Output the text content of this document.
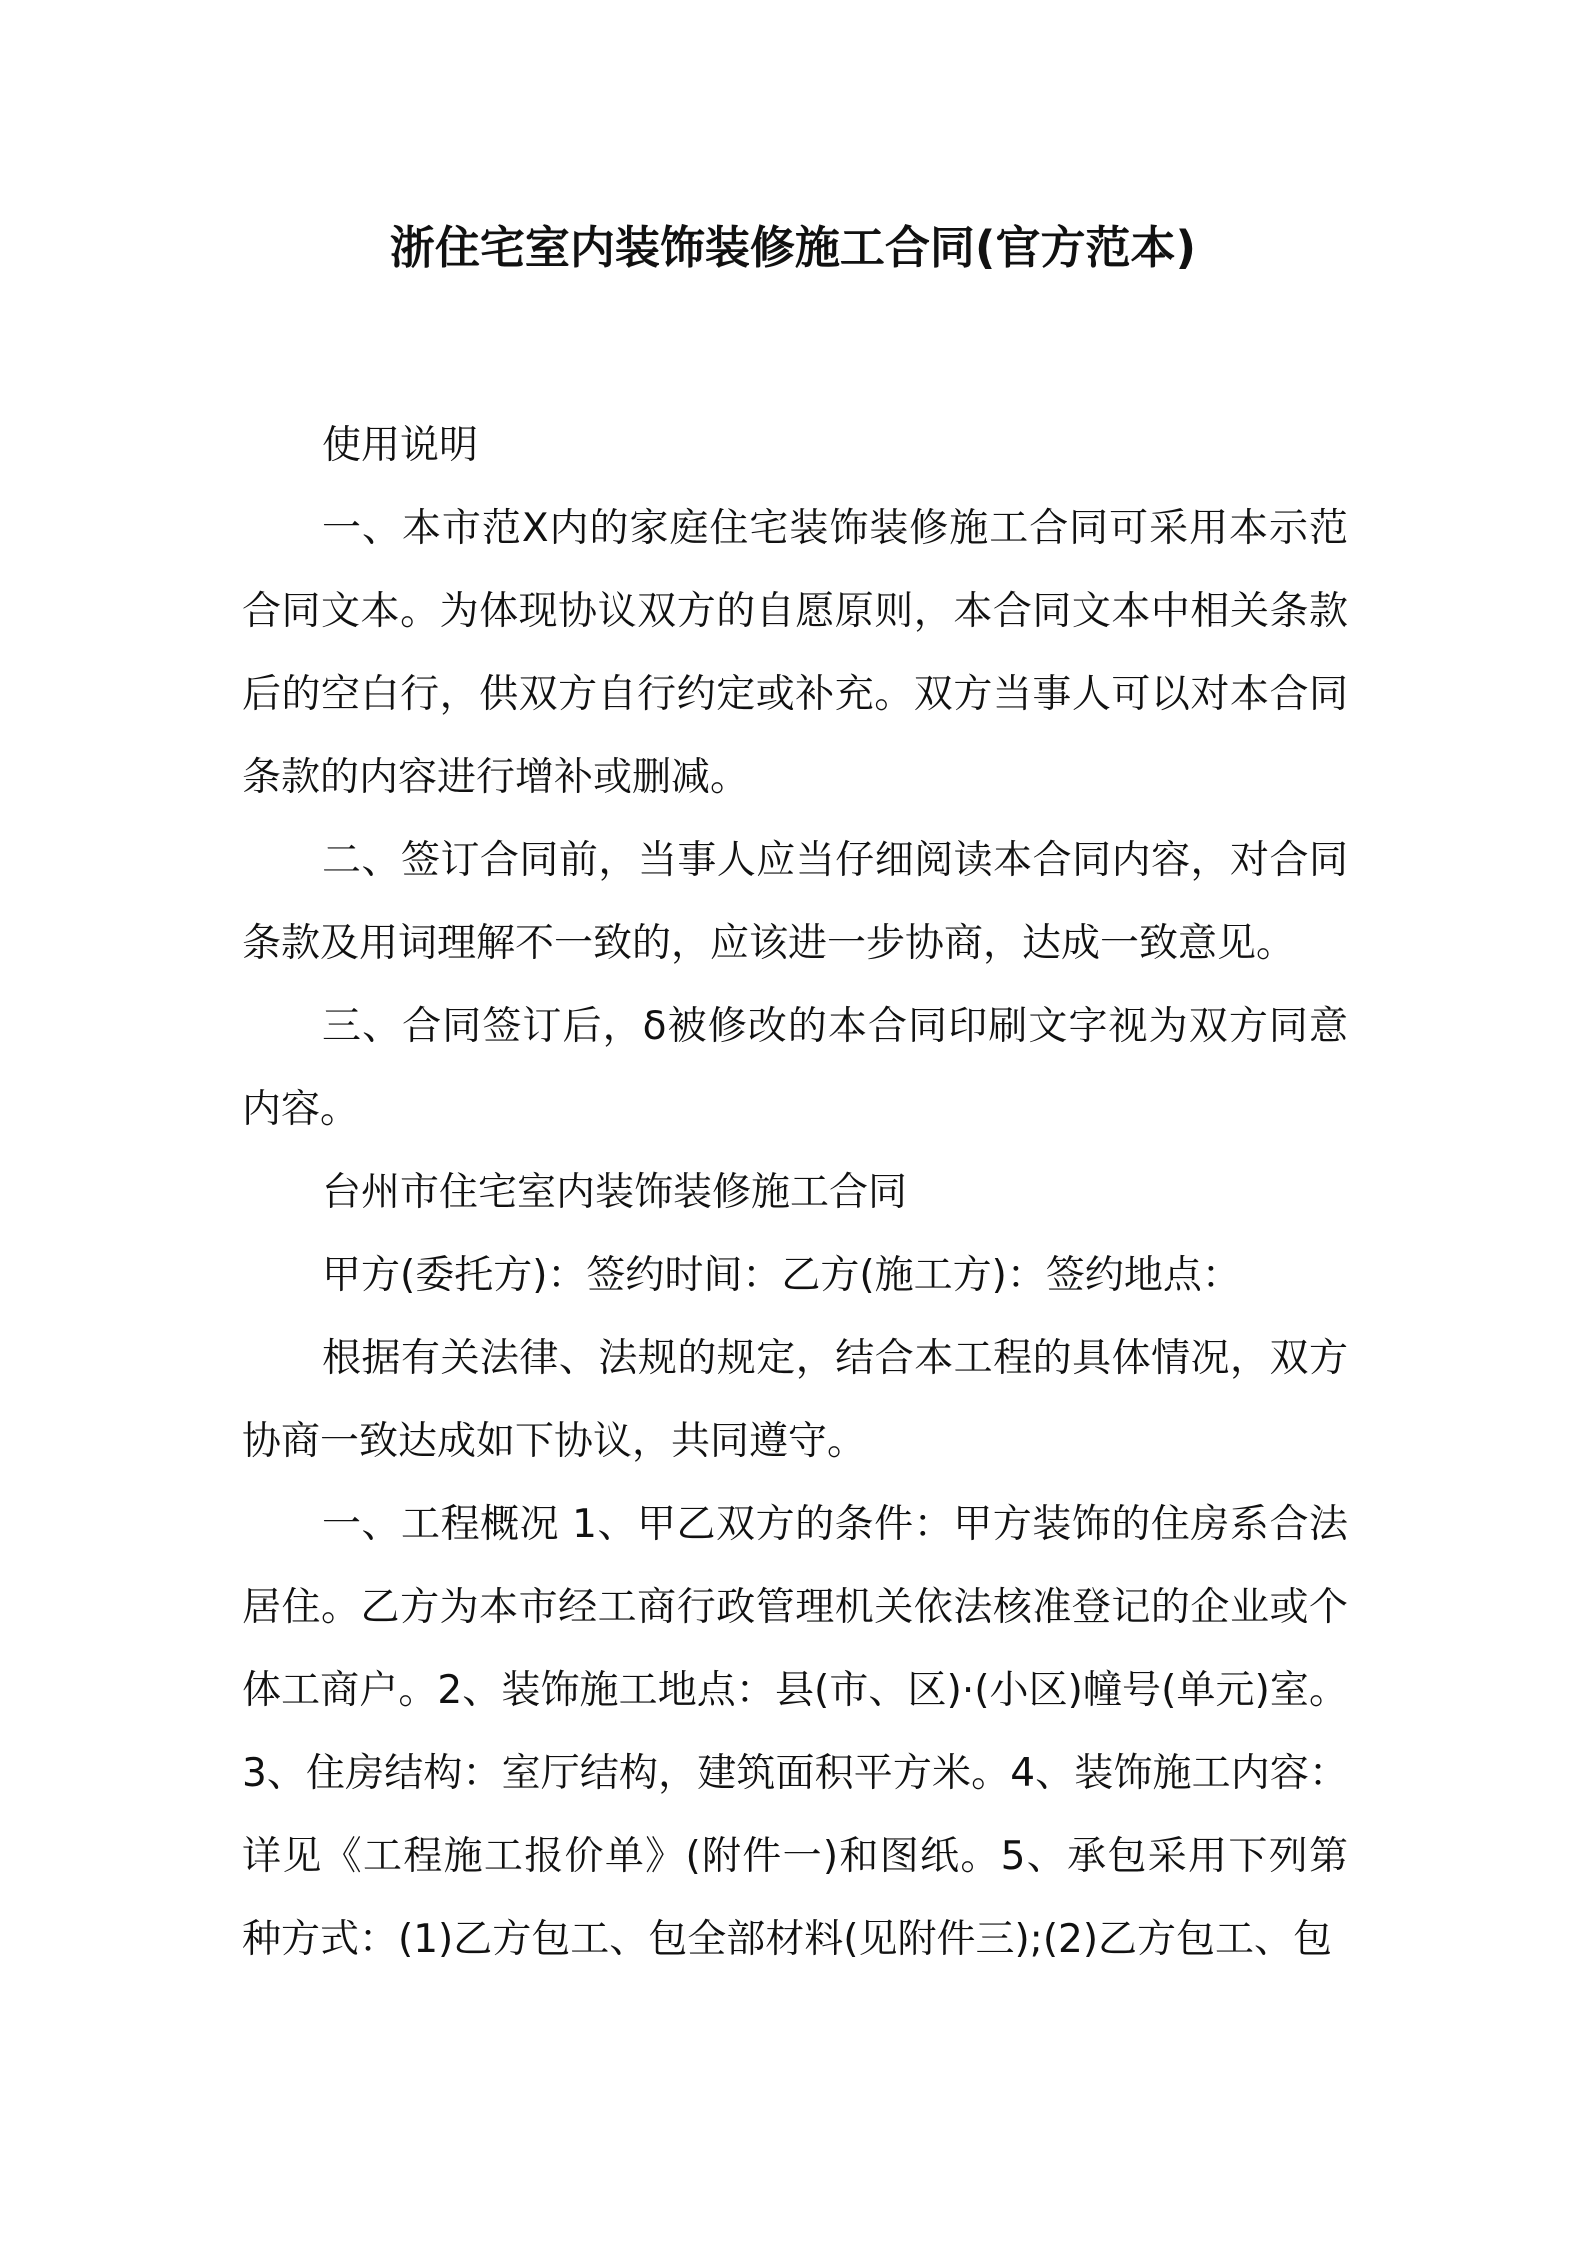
浙住宅室内装饰装修施工合同(官方范本)

使用说明

一、本市范X内的家庭住宅装饰装修施工合同可采用本示范合同文本。为体现协议双方的自愿原则，本合同文本中相关条款后的空白行，供双方自行约定或补充。双方当事人可以对本合同条款的内容进行增补或删减。

二、签订合同前，当事人应当仔细阅读本合同内容，对合同条款及用词理解不一致的，应该进一步协商，达成一致意见。

三、合同签订后，δ被修改的本合同印刷文字视为双方同意内容。

台州市住宅室内装饰装修施工合同

甲方(委托方)：签约时间：乙方(施工方)：签约地点：

根据有关法律、法规的规定，结合本工程的具体情况，双方协商一致达成如下协议，共同遵守。

一、工程概况 1、甲乙双方的条件：甲方装饰的住房系合法居住。乙方为本市经工商行政管理机关依法核准登记的企业或个体工商户。2、装饰施工地点：县(市、区)·(小区)幢号(单元)室。3、住房结构：室厅结构，建筑面积平方米。4、装饰施工内容：详见《工程施工报价单》(附件一)和图纸。5、承包采用下列第种方式：(1)乙方包工、包全部材料(见附件三);(2)乙方包工、包
